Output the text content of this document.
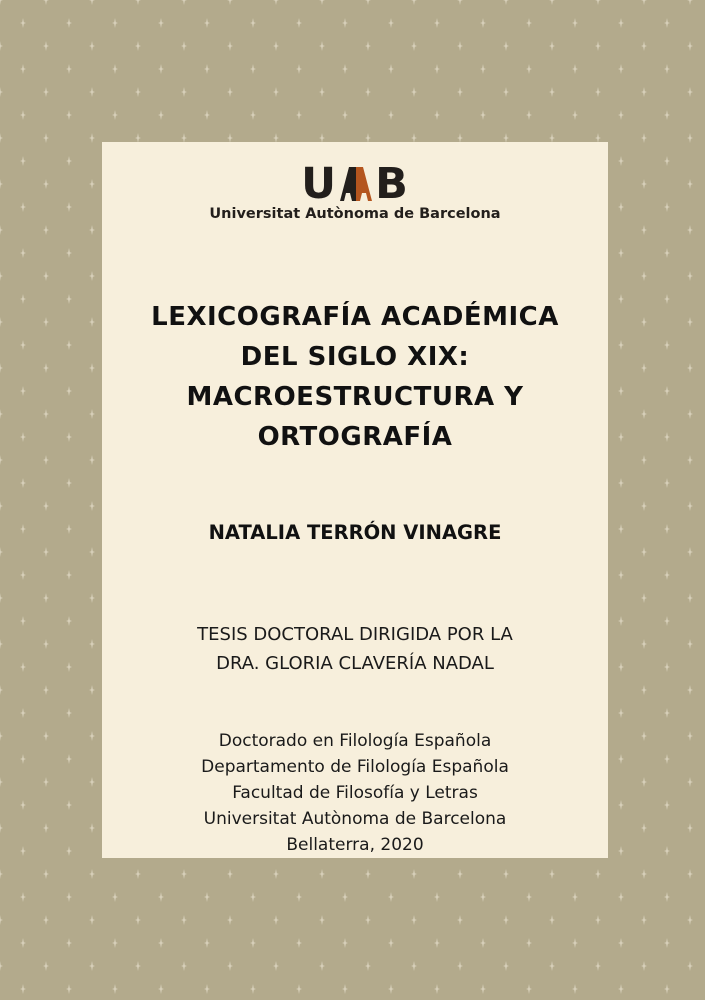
U B
Universitat Autònoma de Barcelona
LEXICOGRAFÍA ACADÉMICA
DEL SIGLO XIX:
MACROESTRUCTURA Y
ORTOGRAFÍA
NATALIA TERRÓN VINAGRE
TESIS DOCTORAL DIRIGIDA POR LA
DRA. GLORIA CLAVERÍA NADAL
Doctorado en Filología Española
Departamento de Filología Española
Facultad de Filosofía y Letras
Universitat Autònoma de Barcelona
Bellaterra, 2020
